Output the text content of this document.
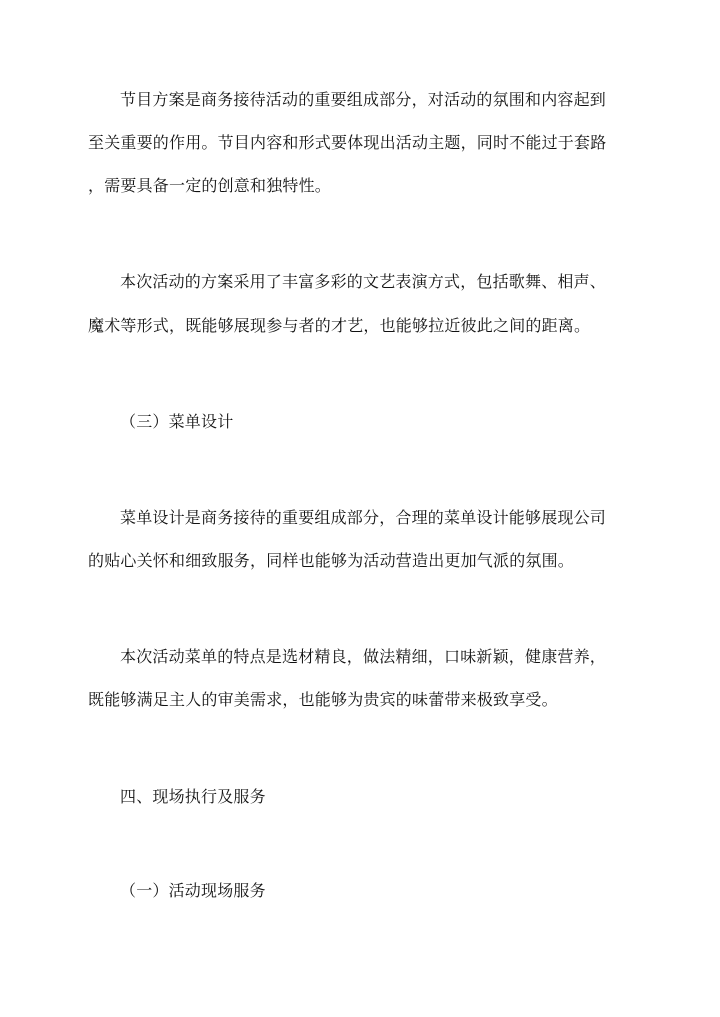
节目方案是商务接待活动的重要组成部分，对活动的氛围和内容起到
至关重要的作用。节目内容和形式要体现出活动主题，同时不能过于套路
，需要具备一定的创意和独特性。
本次活动的方案采用了丰富多彩的文艺表演方式，包括歌舞、相声、
魔术等形式，既能够展现参与者的才艺，也能够拉近彼此之间的距离。
（三）菜单设计
菜单设计是商务接待的重要组成部分，合理的菜单设计能够展现公司
的贴心关怀和细致服务，同样也能够为活动营造出更加气派的氛围。
本次活动菜单的特点是选材精良，做法精细，口味新颖，健康营养，
既能够满足主人的审美需求，也能够为贵宾的味蕾带来极致享受。
四、现场执行及服务
（一）活动现场服务
